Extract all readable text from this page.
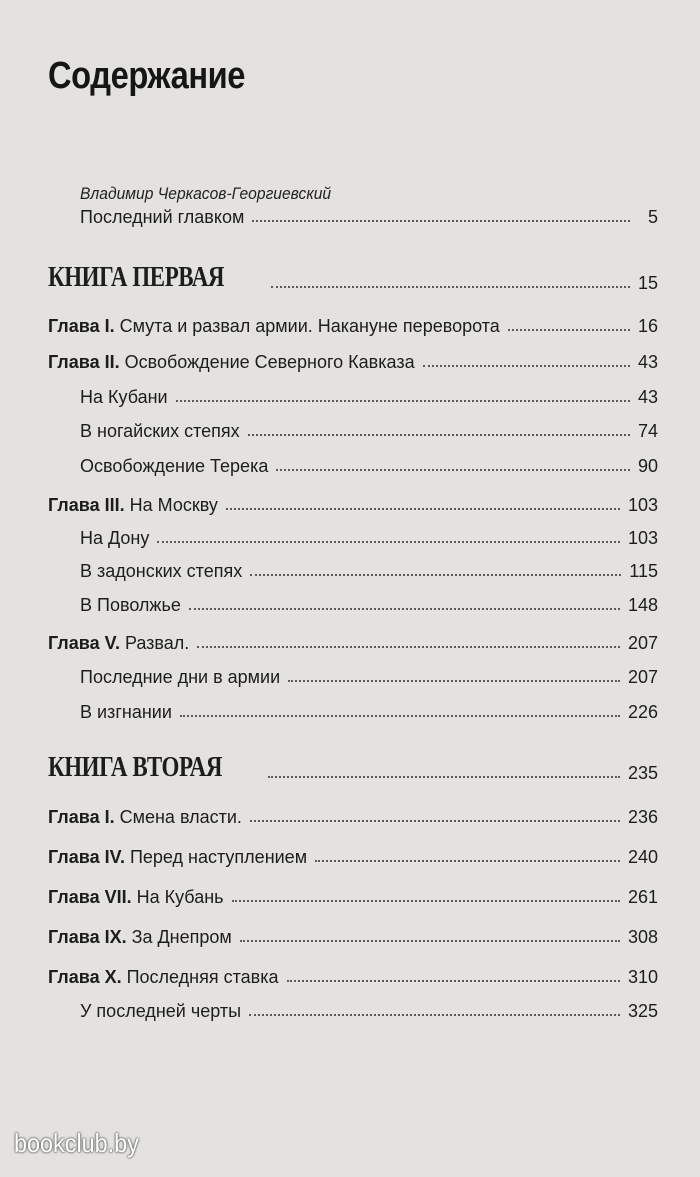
Содержание
Владимир Черкасов-Георгиевский
Последний главком	5
КНИГА ПЕРВАЯ	15
Глава I. Смута и развал армии. Накануне переворота	16
Глава II. Освобождение Северного Кавказа	43
На Кубани	43
В ногайских степях	74
Освобождение Терека	90
Глава III. На Москву	103
На Дону	103
В задонских степях	115
В Поволжье	148
Глава V. Развал.	207
Последние дни в армии	207
В изгнании	226
КНИГА ВТОРАЯ	235
Глава I. Смена власти.	236
Глава IV. Перед наступлением	240
Глава VII. На Кубань	261
Глава IX. За Днепром	308
Глава X. Последняя ставка	310
У последней черты	325
bookclub.by
